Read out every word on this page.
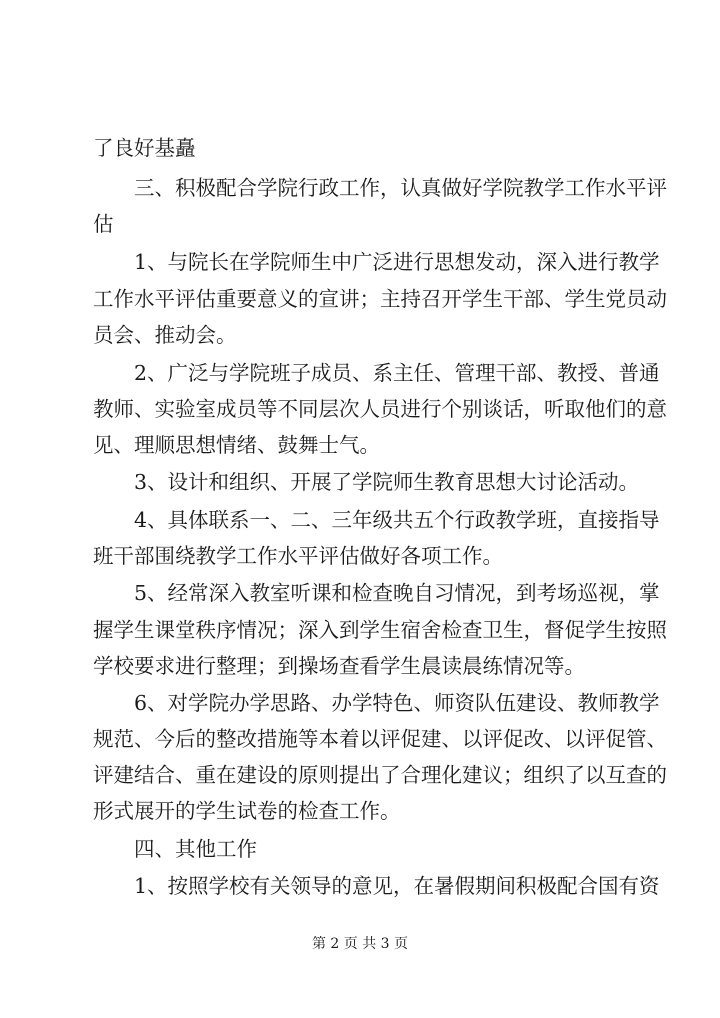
了良好基矗
三、积极配合学院行政工作，认真做好学院教学工作水平评
估
1、与院长在学院师生中广泛进行思想发动，深入进行教学
工作水平评估重要意义的宣讲；主持召开学生干部、学生党员动
员会、推动会。
2、广泛与学院班子成员、系主任、管理干部、教授、普通
教师、实验室成员等不同层次人员进行个别谈话，听取他们的意
见、理顺思想情绪、鼓舞士气。
3、设计和组织、开展了学院师生教育思想大讨论活动。
4、具体联系一、二、三年级共五个行政教学班，直接指导
班干部围绕教学工作水平评估做好各项工作。
5、经常深入教室听课和检查晚自习情况，到考场巡视，掌
握学生课堂秩序情况；深入到学生宿舍检查卫生，督促学生按照
学校要求进行整理；到操场查看学生晨读晨练情况等。
6、对学院办学思路、办学特色、师资队伍建设、教师教学
规范、今后的整改措施等本着以评促建、以评促改、以评促管、
评建结合、重在建设的原则提出了合理化建议；组织了以互查的
形式展开的学生试卷的检查工作。
四、其他工作
1、按照学校有关领导的意见，在暑假期间积极配合国有资
第 2 页 共 3 页
